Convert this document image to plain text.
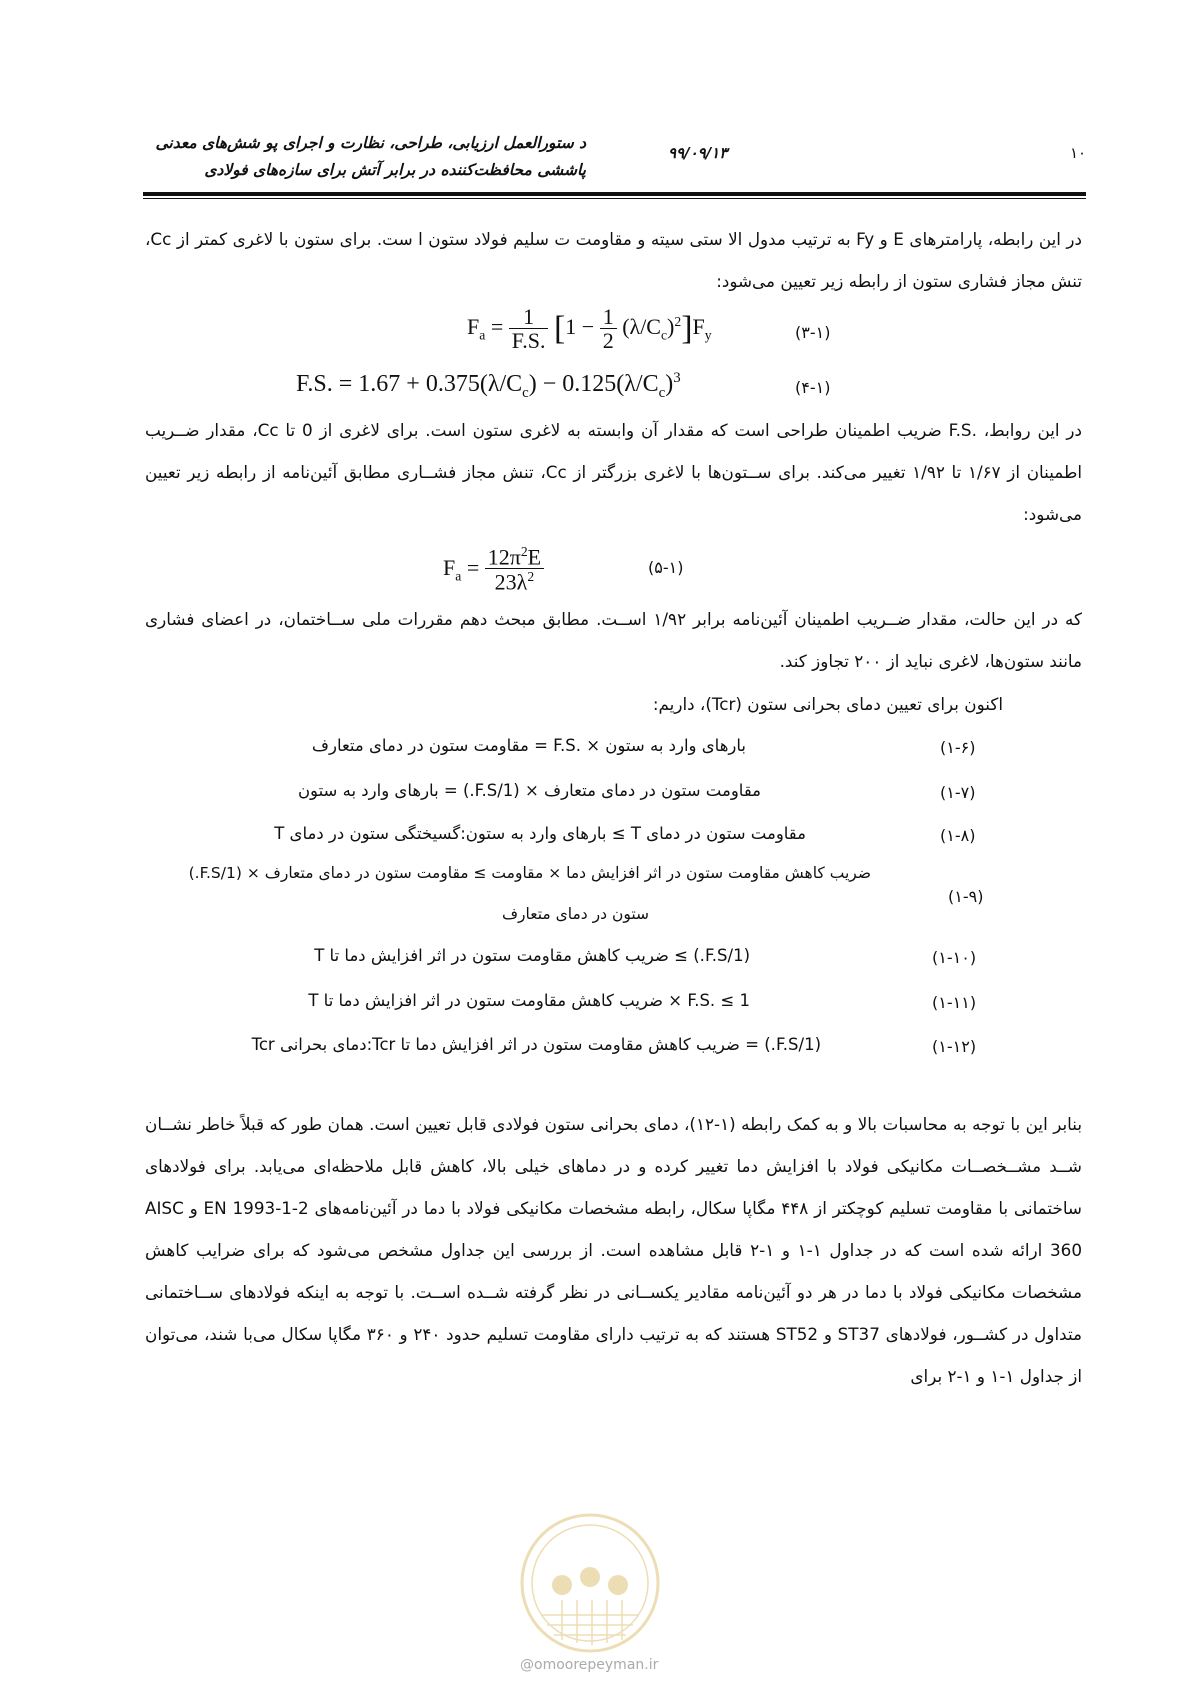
د ستورالعمل ارزیابی، طراحی، نظارت و اجرای پو شش‌های معدنی
پاششی محافظت‌کننده در برابر آتش برای سازه‌های فولادی
۹۹/۰۹/۱۳	۱۰
در این رابطه، پارامترهای E و Fy به ترتیب مدول الا ستی سیته و مقاومت ت سلیم فولاد ستون ا ست. برای ستون با لاغری کمتر از Cc، تنش مجاز فشاری ستون از رابطه زیر تعیین می‌شود:
$F_a = \frac{1}{F.S.} [1 - \frac{1}{2} (\lambda/C_c)^2]F_y$	(۳-۱)
F.S. = $1.67 + 0.375(\lambda/C_c) - 0.125(\lambda/C_c)^3$	(۴-۱)
در این روابط، .F.S ضریب اطمینان طراحی است که مقدار آن وابسته به لاغری ستون است. برای لاغری از 0 تا Cc، مقدار ضــریب اطمینان از ۱/۶۷ تا ۱/۹۲ تغییر می‌کند. برای ســتون‌ها با لاغری بزرگتر از Cc، تنش مجاز فشــاری مطابق آئین‌نامه از رابطه زیر تعیین می‌شود:
$F_a = \frac{12\pi^2E}{23\lambda^2}$	(۵-۱)
که در این حالت، مقدار ضــریب اطمینان آئین‌نامه برابر ۱/۹۲ اســت. مطابق مبحث دهم مقررات ملی ســاختمان، در اعضای فشاری مانند ستون‌ها، لاغری نباید از ۲۰۰ تجاوز کند.
اکنون برای تعیین دمای بحرانی ستون (Tcr)، داریم:
(۱-۶)
بارهای وارد به ستون × .F.S = مقاومت ستون در دمای متعارف
(۱-۷)
مقاومت ستون در دمای متعارف × (1/F.S.) = بارهای وارد به ستون
(۱-۸)
مقاومت ستون در دمای T ≥ بارهای وارد به ستون:گسیختگی ستون در دمای T
(۱-۹)
ضریب کاهش مقاومت ستون در اثر افزایش دما × مقاومت ≥ مقاومت ستون در دمای متعارف × (1/F.S.)
ستون در دمای متعارف
(۱-۱۰)
(1/F.S.) ≥ ضریب کاهش مقاومت ستون در اثر افزایش دما تا T
(۱-۱۱)
F.S. ≤ 1 × ضریب کاهش مقاومت ستون در اثر افزایش دما تا T
(۱-۱۲)
(1/F.S.) = ضریب کاهش مقاومت ستون در اثر افزایش دما تا Tcr:دمای بحرانی Tcr
بنابر این با توجه به محاسبات بالا و به کمک رابطه (۱-۱۲)، دمای بحرانی ستون فولادی قابل تعیین است. همان طور که قبلاً خاطر نشــان شــد مشــخصــات مکانیکی فولاد با افزایش دما تغییر کرده و در دماهای خیلی بالا، کاهش قابل ملاحظه‌ای می‌یابد. برای فولادهای ساختمانی با مقاومت تسلیم کوچکتر از ۴۴۸ مگاپا سکال، رابطه مشخصات مکانیکی فولاد با دما در آئین‌نامه‌های EN 1993-1-2 و AISC 360 ارائه شده است که در جداول ۱-۱ و ۱-۲ قابل مشاهده است. از بررسی این جداول مشخص می‌شود که برای ضرایب کاهش مشخصات مکانیکی فولاد با دما در هر دو آئین‌نامه مقادیر یکســانی در نظر گرفته شــده اســت. با توجه به اینکه فولادهای ســاختمانی متداول در کشــور، فولادهای ST37 و ST52 هستند که به ترتیب دارای مقاومت تسلیم حدود ۲۴۰ و ۳۶۰ مگاپا سکال می‌با شند، می‌توان از جداول ۱-۱ و ۱-۲ برای
@omoorepeyman.ir
